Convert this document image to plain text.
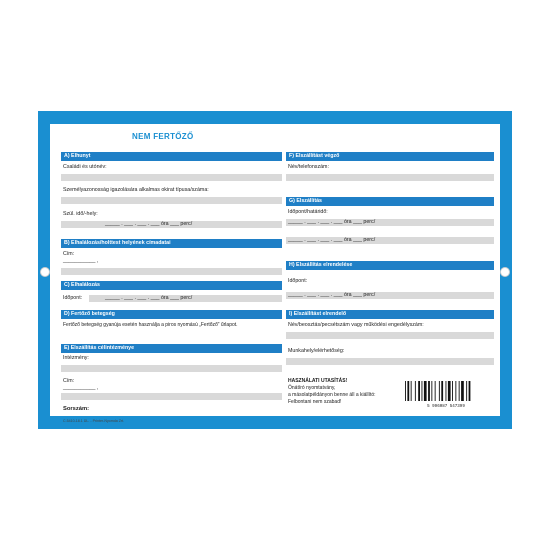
NEM FERTŐZŐ
A) Elhunyt
Családi és utónév:
Személyazonosság igazolására alkalmas okirat típusa/száma:
Szül. idő/-hely:
_____ . ___ . ___ . ___ óra ___ perc/
B) Elhalálozás/holttest helyének címadatai
Cím:
___________ ,
C) Elhalálozás
Időpont:	_____ . ___ . ___ . ___ óra ___ perc/
D) Fertőző betegség
Fertőző betegség gyanúja esetén használja a piros nyomású „Fertőző” űrlapot.
E) Elszállítás célintézménye
Intézmény:
Cím:
___________ ,
Sorszám:
C.5410-18.1 ÜL. - Printer-Nyomda Zrt.
F) Elszállítást végző
Név/telefonszám:
G) Elszállítás
Időpont/határidő:
_____ . ___ . ___ . ___ óra ___ perc/
_____ . ___ . ___ . ___ óra ___ perc/
H) Elszállítás elrendelése
Időpont:
_____ . ___ . ___ . ___ óra ___ perc/
I) Elszállítást elrendelő
Név/beosztás/pecsétszám vagy működési engedélyszám:
Munkahely/elérhetőség:
HASZNÁLATI UTASÍTÁS!
Önátíró nyomtatvány,
a másolatpéldányon benne áll a kiállító:
Felbontani nem szabad!
5 996087 547399
